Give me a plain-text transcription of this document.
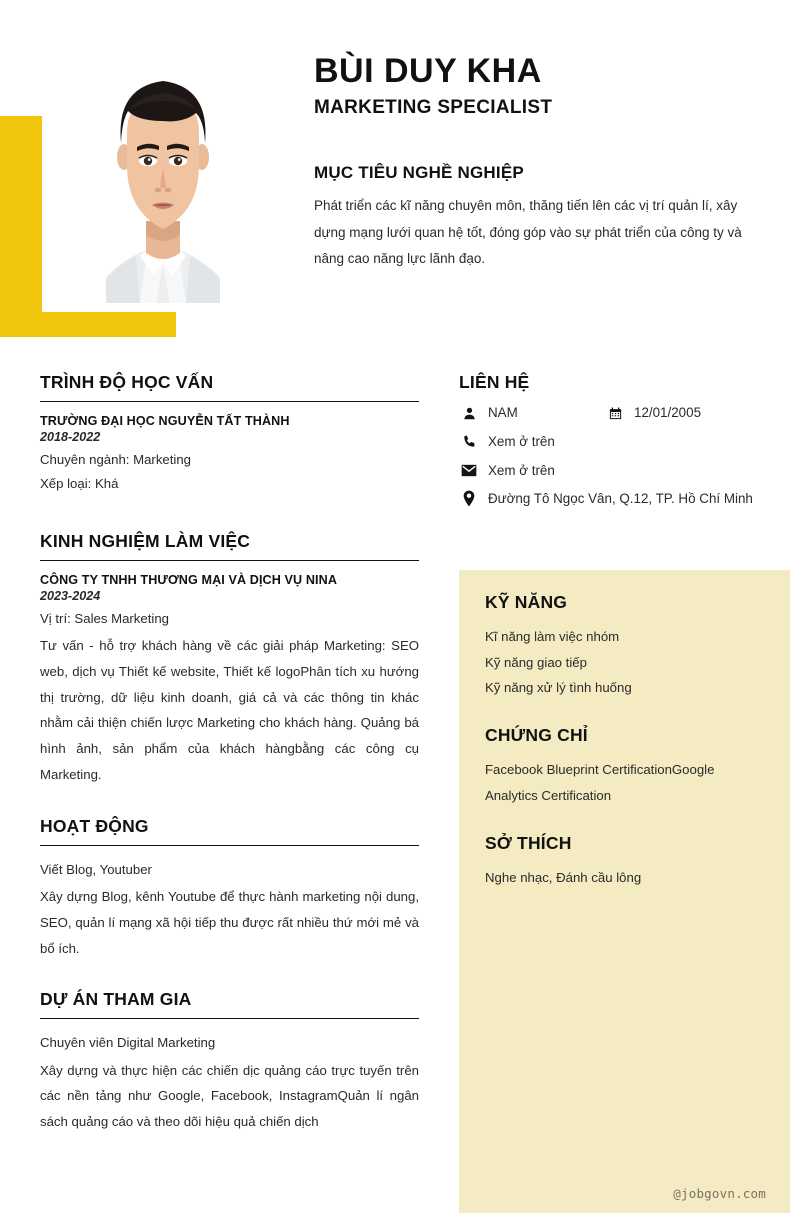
BÙI DUY KHA
MARKETING SPECIALIST
MỤC TIÊU NGHỀ NGHIỆP

Phát triển các kĩ năng chuyên môn, thăng tiến lên các vị trí quản lí, xây dựng mạng lưới quan hệ tốt, đóng góp vào sự phát triển của công ty và nâng cao năng lực lãnh đạo.

TRÌNH ĐỘ HỌC VẤN
TRƯỜNG ĐẠI HỌC NGUYỄN TẤT THÀNH
2018-2022

Chuyên ngành: Marketing

Xếp loại: Khá

KINH NGHIỆM LÀM VIỆC
CÔNG TY TNHH THƯƠNG MẠI VÀ DỊCH VỤ NINA
2023-2024

Vị trí: Sales Marketing

Tư vấn - hỗ trợ khách hàng về các giải pháp Marketing: SEO web, dịch vụ Thiết kế website, Thiết kế logoPhân tích xu hướng thị trường, dữ liệu kinh doanh, giá cả và các thông tin khác nhằm cải thiện chiến lược Marketing cho khách hàng. Quảng bá hình ảnh, sản phẩm của khách hàngbằng các công cụ Marketing.

HOẠT ĐỘNG

Viết Blog, Youtuber

Xây dựng Blog, kênh Youtube để thực hành marketing nội dung, SEO, quản lí mạng xã hội tiếp thu được rất nhiều thứ mới mẻ và bổ ích.

DỰ ÁN THAM GIA

Chuyên viên Digital Marketing

Xây dựng và thực hiện các chiến dịc quảng cáo trực tuyến trên các nền tảng như Google, Facebook, InstagramQuản lí ngân sách quảng cáo và theo dõi hiệu quả chiến dịch

LIÊN HỆ
NAM	12/01/2005
Xem ở trên
Xem ở trên
Đường Tô Ngọc Vân, Q.12, TP. Hồ Chí Minh
KỸ NĂNG

Kĩ năng làm việc nhóm

Kỹ năng giao tiếp

Kỹ năng xử lý tình huống

CHỨNG CHỈ

Facebook Blueprint CertificationGoogle Analytics Certification

SỞ THÍCH

Nghe nhạc, Đánh cầu lông

@jobgovn.com
